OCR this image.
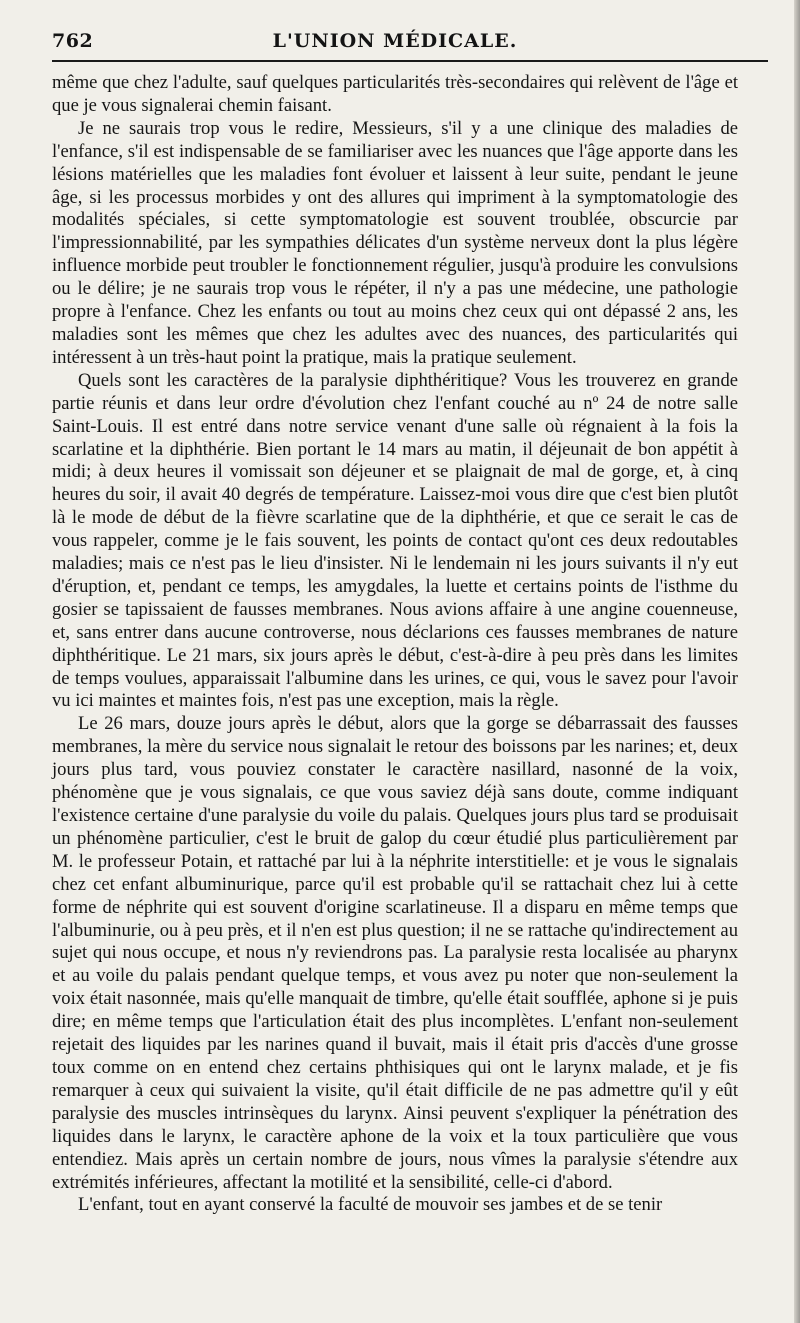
762	L'UNION MÉDICALE.

même que chez l'adulte, sauf quelques particularités très-secondaires qui relèvent de l'âge et que je vous signalerai chemin faisant.

Je ne saurais trop vous le redire, Messieurs, s'il y a une clinique des maladies de l'enfance, s'il est indispensable de se familiariser avec les nuances que l'âge apporte dans les lésions matérielles que les maladies font évoluer et laissent à leur suite, pendant le jeune âge, si les processus morbides y ont des allures qui impriment à la symptomatologie des modalités spéciales, si cette symptomatologie est souvent troublée, obscurcie par l'impressionnabilité, par les sympathies délicates d'un système nerveux dont la plus légère influence morbide peut troubler le fonctionnement régulier, jusqu'à produire les convulsions ou le délire; je ne saurais trop vous le répéter, il n'y a pas une médecine, une pathologie propre à l'enfance. Chez les enfants ou tout au moins chez ceux qui ont dépassé 2 ans, les maladies sont les mêmes que chez les adultes avec des nuances, des particularités qui intéressent à un très-haut point la pratique, mais la pratique seulement.

Quels sont les caractères de la paralysie diphthéritique? Vous les trouverez en grande partie réunis et dans leur ordre d'évolution chez l'enfant couché au nº 24 de notre salle Saint-Louis. Il est entré dans notre service venant d'une salle où régnaient à la fois la scarlatine et la diphthérie. Bien portant le 14 mars au matin, il déjeunait de bon appétit à midi; à deux heures il vomissait son déjeuner et se plaignait de mal de gorge, et, à cinq heures du soir, il avait 40 degrés de température. Laissez-moi vous dire que c'est bien plutôt là le mode de début de la fièvre scarlatine que de la diphthérie, et que ce serait le cas de vous rappeler, comme je le fais souvent, les points de contact qu'ont ces deux redoutables maladies; mais ce n'est pas le lieu d'insister. Ni le lendemain ni les jours suivants il n'y eut d'éruption, et, pendant ce temps, les amygdales, la luette et certains points de l'isthme du gosier se tapissaient de fausses membranes. Nous avions affaire à une angine couenneuse, et, sans entrer dans aucune controverse, nous déclarions ces fausses membranes de nature diphthéritique. Le 21 mars, six jours après le début, c'est-à-dire à peu près dans les limites de temps voulues, apparaissait l'albumine dans les urines, ce qui, vous le savez pour l'avoir vu ici maintes et maintes fois, n'est pas une exception, mais la règle.

Le 26 mars, douze jours après le début, alors que la gorge se débarrassait des fausses membranes, la mère du service nous signalait le retour des boissons par les narines; et, deux jours plus tard, vous pouviez constater le caractère nasillard, nasonné de la voix, phénomène que je vous signalais, ce que vous saviez déjà sans doute, comme indiquant l'existence certaine d'une paralysie du voile du palais. Quelques jours plus tard se produisait un phénomène particulier, c'est le bruit de galop du cœur étudié plus particulièrement par M. le professeur Potain, et rattaché par lui à la néphrite interstitielle: et je vous le signalais chez cet enfant albuminurique, parce qu'il est probable qu'il se rattachait chez lui à cette forme de néphrite qui est souvent d'origine scarlatineuse. Il a disparu en même temps que l'albuminurie, ou à peu près, et il n'en est plus question; il ne se rattache qu'indirectement au sujet qui nous occupe, et nous n'y reviendrons pas. La paralysie resta localisée au pharynx et au voile du palais pendant quelque temps, et vous avez pu noter que non-seulement la voix était nasonnée, mais qu'elle manquait de timbre, qu'elle était soufflée, aphone si je puis dire; en même temps que l'articulation était des plus incomplètes. L'enfant non-seulement rejetait des liquides par les narines quand il buvait, mais il était pris d'accès d'une grosse toux comme on en entend chez certains phthisiques qui ont le larynx malade, et je fis remarquer à ceux qui suivaient la visite, qu'il était difficile de ne pas admettre qu'il y eût paralysie des muscles intrinsèques du larynx. Ainsi peuvent s'expliquer la pénétration des liquides dans le larynx, le caractère aphone de la voix et la toux particulière que vous entendiez. Mais après un certain nombre de jours, nous vîmes la paralysie s'étendre aux extrémités inférieures, affectant la motilité et la sensibilité, celle-ci d'abord.

L'enfant, tout en ayant conservé la faculté de mouvoir ses jambes et de se tenir
